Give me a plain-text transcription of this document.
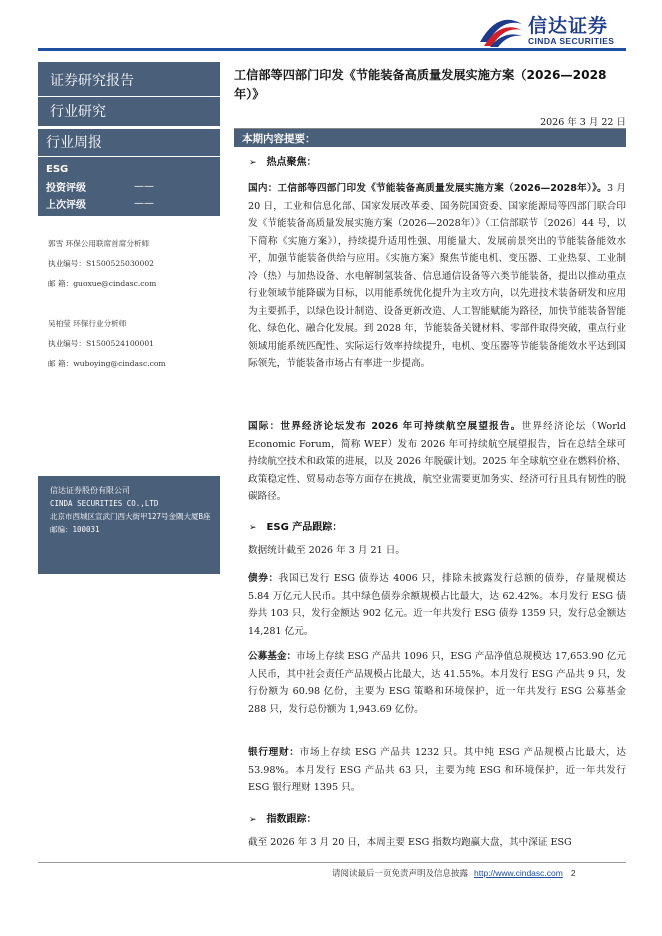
信达证券
CINDA SECURITIES
证券研究报告
行业研究
行业周报
ESG
投资评级	——
上次评级	——
信达证券股份有限公司
CINDA SECURITIES CO.,LTD
北京市西城区宣武门西大街甲127号金隅大厦B座
邮编：100031
郭雪 环保公用联席首席分析师
执业编号：S1500525030002
邮 箱：guoxue@cindasc.com
吴柏莹 环保行业分析师
执业编号：S1500524100001
邮 箱：wuboying@cindasc.com
工信部等四部门印发《节能装备高质量发展实施方案（2026—2028年）》
2026 年 3 月 22 日
本期内容提要：
➢ 热点聚焦：
国内：工信部等四部门印发《节能装备高质量发展实施方案（2026—2028年）》。3 月 20 日，工业和信息化部、国家发展改革委、国务院国资委、国家能源局等四部门联合印发《节能装备高质量发展实施方案（2026—2028年）》（工信部联节〔2026〕44 号，以下简称《实施方案》），持续提升适用性强、用能量大、发展前景突出的节能装备能效水平，加强节能装备供给与应用。《实施方案》聚焦节能电机、变压器、工业热泵、工业制冷（热）与加热设备、水电解制氢装备、信息通信设备等六类节能装备，提出以推动重点行业领域节能降碳为目标，以用能系统优化提升为主攻方向，以先进技术装备研发和应用为主要抓手，以绿色设计制造、设备更新改造、人工智能赋能为路径，加快节能装备智能化、绿色化、融合化发展。到 2028 年，节能装备关键材料、零部件取得突破，重点行业领域用能系统匹配性、实际运行效率持续提升，电机、变压器等节能装备能效水平达到国际领先，节能装备市场占有率进一步提高。
国际：世界经济论坛发布 2026 年可持续航空展望报告。世界经济论坛（World Economic Forum，简称 WEF）发布 2026 年可持续航空展望报告，旨在总结全球可持续航空技术和政策的进展，以及 2026 年脱碳计划。2025 年全球航空业在燃料价格、政策稳定性、贸易动态等方面存在挑战，航空业需要更加务实、经济可行且具有韧性的脱碳路径。
➢ ESG 产品跟踪：
数据统计截至 2026 年 3 月 21 日。
债券：我国已发行 ESG 债券达 4006 只，排除未披露发行总额的债券，存量规模达 5.84 万亿元人民币。其中绿色债券余额规模占比最大，达 62.42%。本月发行 ESG 债券共 103 只，发行金额达 902 亿元。近一年共发行 ESG 债券 1359 只，发行总金额达 14,281 亿元。
公募基金：市场上存续 ESG 产品共 1096 只，ESG 产品净值总规模达 17,653.90 亿元人民币，其中社会责任产品规模占比最大，达 41.55%。本月发行 ESG 产品共 9 只，发行份额为 60.98 亿份，主要为 ESG 策略和环境保护，近一年共发行 ESG 公募基金 288 只，发行总份额为 1,943.69 亿份。
银行理财：市场上存续 ESG 产品共 1232 只。其中纯 ESG 产品规模占比最大，达 53.98%。本月发行 ESG 产品共 63 只，主要为纯 ESG 和环境保护，近一年共发行 ESG 银行理财 1395 只。
➢ 指数跟踪：
截至 2026 年 3 月 20 日，本周主要 ESG 指数均跑赢大盘，其中深证 ESG
请阅读最后一页免责声明及信息披露 http://www.cindasc.com 2
